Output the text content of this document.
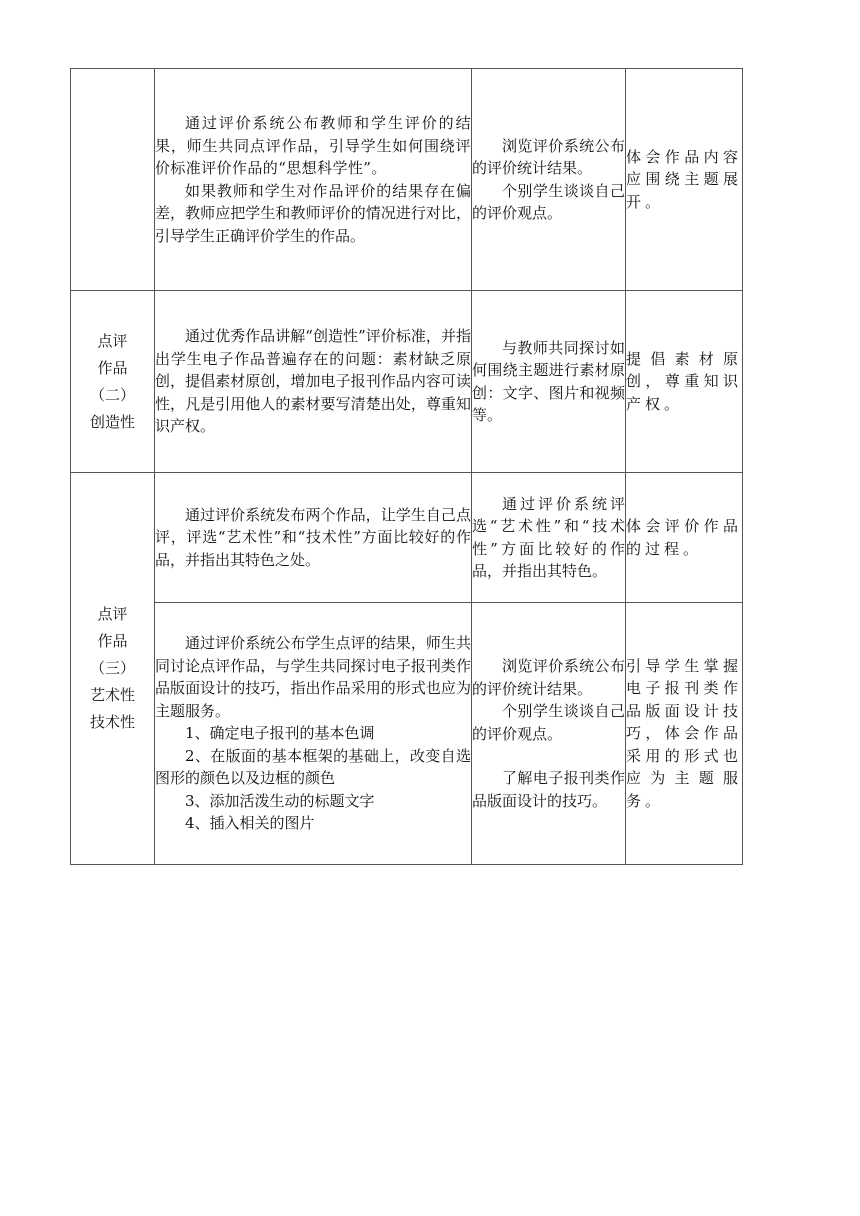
	通过评价系统公布教师和学生评价的结果，师生共同点评作品，引导学生如何围绕评价标准评价作品的“思想科学性”。
如果教师和学生对作品评价的结果存在偏差，教师应把学生和教师评价的情况进行对比，引导学生正确评价学生的作品。	浏览评价系统公布的评价统计结果。
个别学生谈谈自己的评价观点。	体会作品内容应围绕主题展开。

点评
作品
（二）
创造性	通过优秀作品讲解“创造性”评价标准，并指出学生电子作品普遍存在的问题：素材缺乏原创，提倡素材原创，增加电子报刊作品内容可读性，凡是引用他人的素材要写清楚出处，尊重知识产权。	与教师共同探讨如何围绕主题进行素材原创：文字、图片和视频等。	提倡素材原创，尊重知识产权。

点评
作品
（三）
艺术性
技术性	通过评价系统发布两个作品，让学生自己点评，评选“艺术性”和“技术性”方面比较好的作品，并指出其特色之处。	通过评价系统评选“艺术性”和“技术性”方面比较好的作品，并指出其特色。	体会评价作品的过程。

	通过评价系统公布学生点评的结果，师生共同讨论点评作品，与学生共同探讨电子报刊类作品版面设计的技巧，指出作品采用的形式也应为主题服务。
1、确定电子报刊的基本色调
2、在版面的基本框架的基础上，改变自选图形的颜色以及边框的颜色
3、添加活泼生动的标题文字
4、插入相关的图片	浏览评价系统公布的评价统计结果。
个别学生谈谈自己的评价观点。
了解电子报刊类作品版面设计的技巧。	引导学生掌握电子报刊类作品版面设计技巧，体会作品采用的形式也应为主题服务。
